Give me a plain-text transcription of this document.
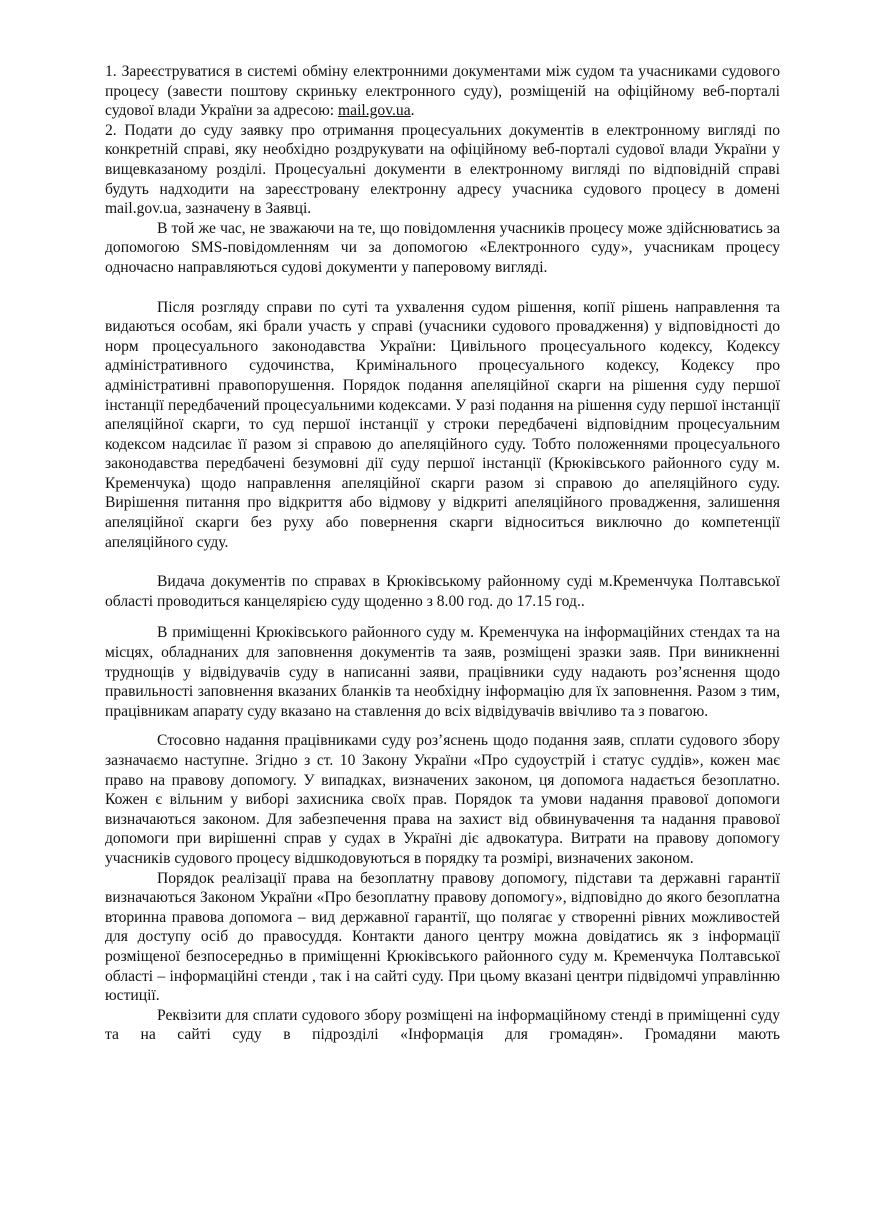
1. Зареєструватися в системі обміну електронними документами між судом та учасниками судового процесу (завести поштову скриньку електронного суду), розміщеній на офіційному веб-порталі судової влади України за адресою: mail.gov.ua.

2. Подати до суду заявку про отримання процесуальних документів в електронному вигляді по конкретній справі, яку необхідно роздрукувати на офіційному веб-порталі судової влади України у вищевказаному розділі. Процесуальні документи в електронному вигляді по відповідній справі будуть надходити на зареєстровану електронну адресу учасника судового процесу в домені mail.gov.ua, зазначену в Заявці.

В той же час, не зважаючи на те, що повідомлення учасників процесу може здійснюватись за допомогою SMS-повідомленням чи за допомогою «Електронного суду», учасникам процесу одночасно направляються судові документи у паперовому вигляді.

Після розгляду справи по суті та ухвалення судом рішення, копії рішень направлення та видаються особам, які брали участь у справі (учасники судового провадження) у відповідності до норм процесуального законодавства України: Цивільного процесуального кодексу, Кодексу адміністративного судочинства, Кримінального процесуального кодексу, Кодексу про адміністративні правопорушення. Порядок подання апеляційної скарги на рішення суду першої інстанції передбачений процесуальними кодексами. У разі подання на рішення суду першої інстанції апеляційної скарги, то суд першої інстанції у строки передбачені відповідним процесуальним кодексом надсилає її разом зі справою до апеляційного суду. Тобто положеннями процесуального законодавства передбачені безумовні дії суду першої інстанції (Крюківського районного суду м. Кременчука) щодо направлення апеляційної скарги разом зі справою до апеляційного суду. Вирішення питання про відкриття або відмову у відкриті апеляційного провадження, залишення апеляційної скарги без руху або повернення скарги відноситься виключно до компетенції апеляційного суду.

Видача документів по справах в Крюківському районному суді м.Кременчука Полтавської області проводиться канцелярією суду щоденно з 8.00 год. до 17.15 год..

В приміщенні Крюківського районного суду м. Кременчука на інформаційних стендах та на місцях, обладнаних для заповнення документів та заяв, розміщені зразки заяв. При виникненні труднощів у відвідувачів суду в написанні заяви, працівники суду надають роз’яснення щодо правильності заповнення вказаних бланків та необхідну інформацію для їх заповнення. Разом з тим, працівникам апарату суду вказано на ставлення до всіх відвідувачів ввічливо та з повагою.

Стосовно надання працівниками суду роз’яснень щодо подання заяв, сплати судового збору зазначаємо наступне. Згідно з ст. 10 Закону України «Про судоустрій і статус суддів», кожен має право на правову допомогу. У випадках, визначених законом, ця допомога надається безоплатно. Кожен є вільним у виборі захисника своїх прав. Порядок та умови надання правової допомоги визначаються законом. Для забезпечення права на захист від обвинувачення та надання правової допомоги при вирішенні справ у судах в Україні діє адвокатура. Витрати на правову допомогу учасників судового процесу відшкодовуються в порядку та розмірі, визначених законом.

Порядок реалізації права на безоплатну правову допомогу, підстави та державні гарантії визначаються Законом України «Про безоплатну правову допомогу», відповідно до якого безоплатна вторинна правова допомога – вид державної гарантії, що полягає у створенні рівних можливостей для доступу осіб до правосуддя. Контакти даного центру можна довідатись як з інформації розміщеної безпосередньо в приміщенні Крюківського районного суду м. Кременчука Полтавської області – інформаційні стенди , так і на сайті суду. При цьому вказані центри підвідомчі управлінню юстиції.

Реквізити для сплати судового збору розміщені на інформаційному стенді в приміщенні суду та на сайті суду в підрозділі «Інформація для громадян». Громадяни мають
